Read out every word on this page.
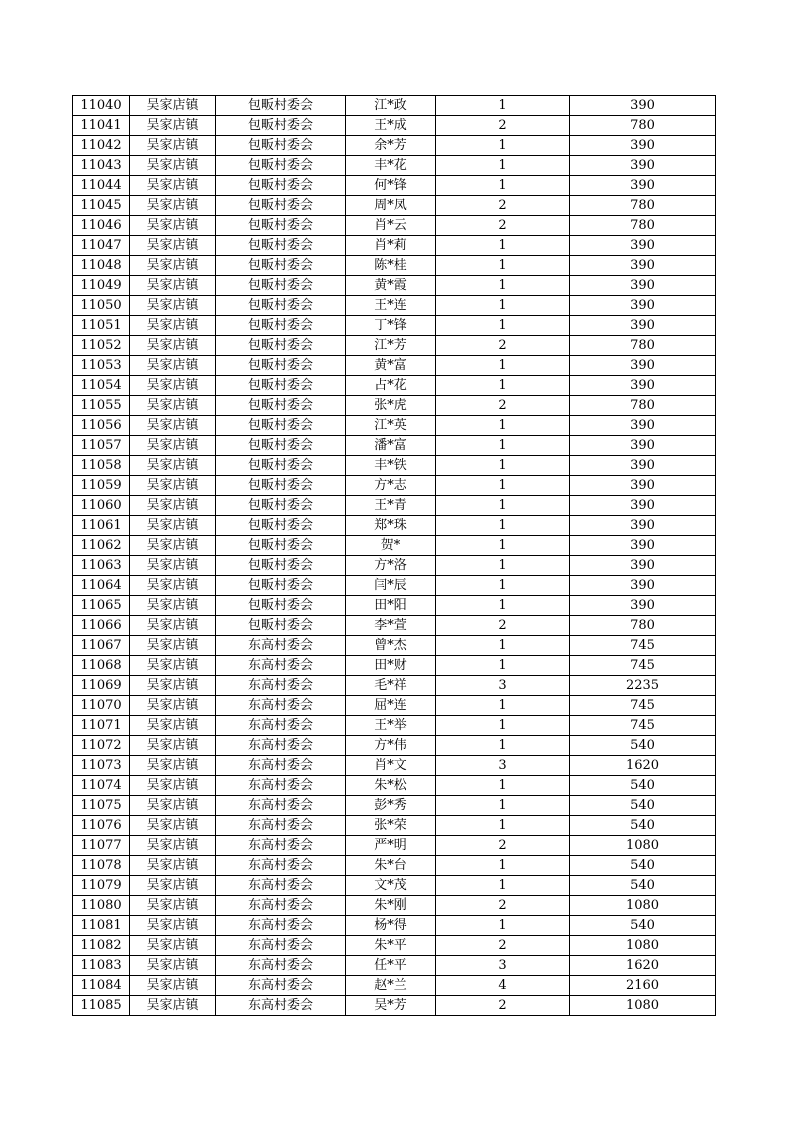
11040	吴家店镇	包畈村委会	江*政	1	390
11041	吴家店镇	包畈村委会	王*成	2	780
11042	吴家店镇	包畈村委会	余*芳	1	390
11043	吴家店镇	包畈村委会	丰*花	1	390
11044	吴家店镇	包畈村委会	何*锋	1	390
11045	吴家店镇	包畈村委会	周*凤	2	780
11046	吴家店镇	包畈村委会	肖*云	2	780
11047	吴家店镇	包畈村委会	肖*莉	1	390
11048	吴家店镇	包畈村委会	陈*桂	1	390
11049	吴家店镇	包畈村委会	黄*霞	1	390
11050	吴家店镇	包畈村委会	王*连	1	390
11051	吴家店镇	包畈村委会	丁*锋	1	390
11052	吴家店镇	包畈村委会	江*芳	2	780
11053	吴家店镇	包畈村委会	黄*富	1	390
11054	吴家店镇	包畈村委会	占*花	1	390
11055	吴家店镇	包畈村委会	张*虎	2	780
11056	吴家店镇	包畈村委会	江*英	1	390
11057	吴家店镇	包畈村委会	潘*富	1	390
11058	吴家店镇	包畈村委会	丰*铁	1	390
11059	吴家店镇	包畈村委会	方*志	1	390
11060	吴家店镇	包畈村委会	王*青	1	390
11061	吴家店镇	包畈村委会	郑*珠	1	390
11062	吴家店镇	包畈村委会	贺*	1	390
11063	吴家店镇	包畈村委会	方*洛	1	390
11064	吴家店镇	包畈村委会	闫*辰	1	390
11065	吴家店镇	包畈村委会	田*阳	1	390
11066	吴家店镇	包畈村委会	李*萱	2	780
11067	吴家店镇	东高村委会	曾*杰	1	745
11068	吴家店镇	东高村委会	田*财	1	745
11069	吴家店镇	东高村委会	毛*祥	3	2235
11070	吴家店镇	东高村委会	屈*连	1	745
11071	吴家店镇	东高村委会	王*举	1	745
11072	吴家店镇	东高村委会	方*伟	1	540
11073	吴家店镇	东高村委会	肖*文	3	1620
11074	吴家店镇	东高村委会	朱*松	1	540
11075	吴家店镇	东高村委会	彭*秀	1	540
11076	吴家店镇	东高村委会	张*荣	1	540
11077	吴家店镇	东高村委会	严*明	2	1080
11078	吴家店镇	东高村委会	朱*台	1	540
11079	吴家店镇	东高村委会	文*茂	1	540
11080	吴家店镇	东高村委会	朱*刚	2	1080
11081	吴家店镇	东高村委会	杨*得	1	540
11082	吴家店镇	东高村委会	朱*平	2	1080
11083	吴家店镇	东高村委会	任*平	3	1620
11084	吴家店镇	东高村委会	赵*兰	4	2160
11085	吴家店镇	东高村委会	吴*芳	2	1080
